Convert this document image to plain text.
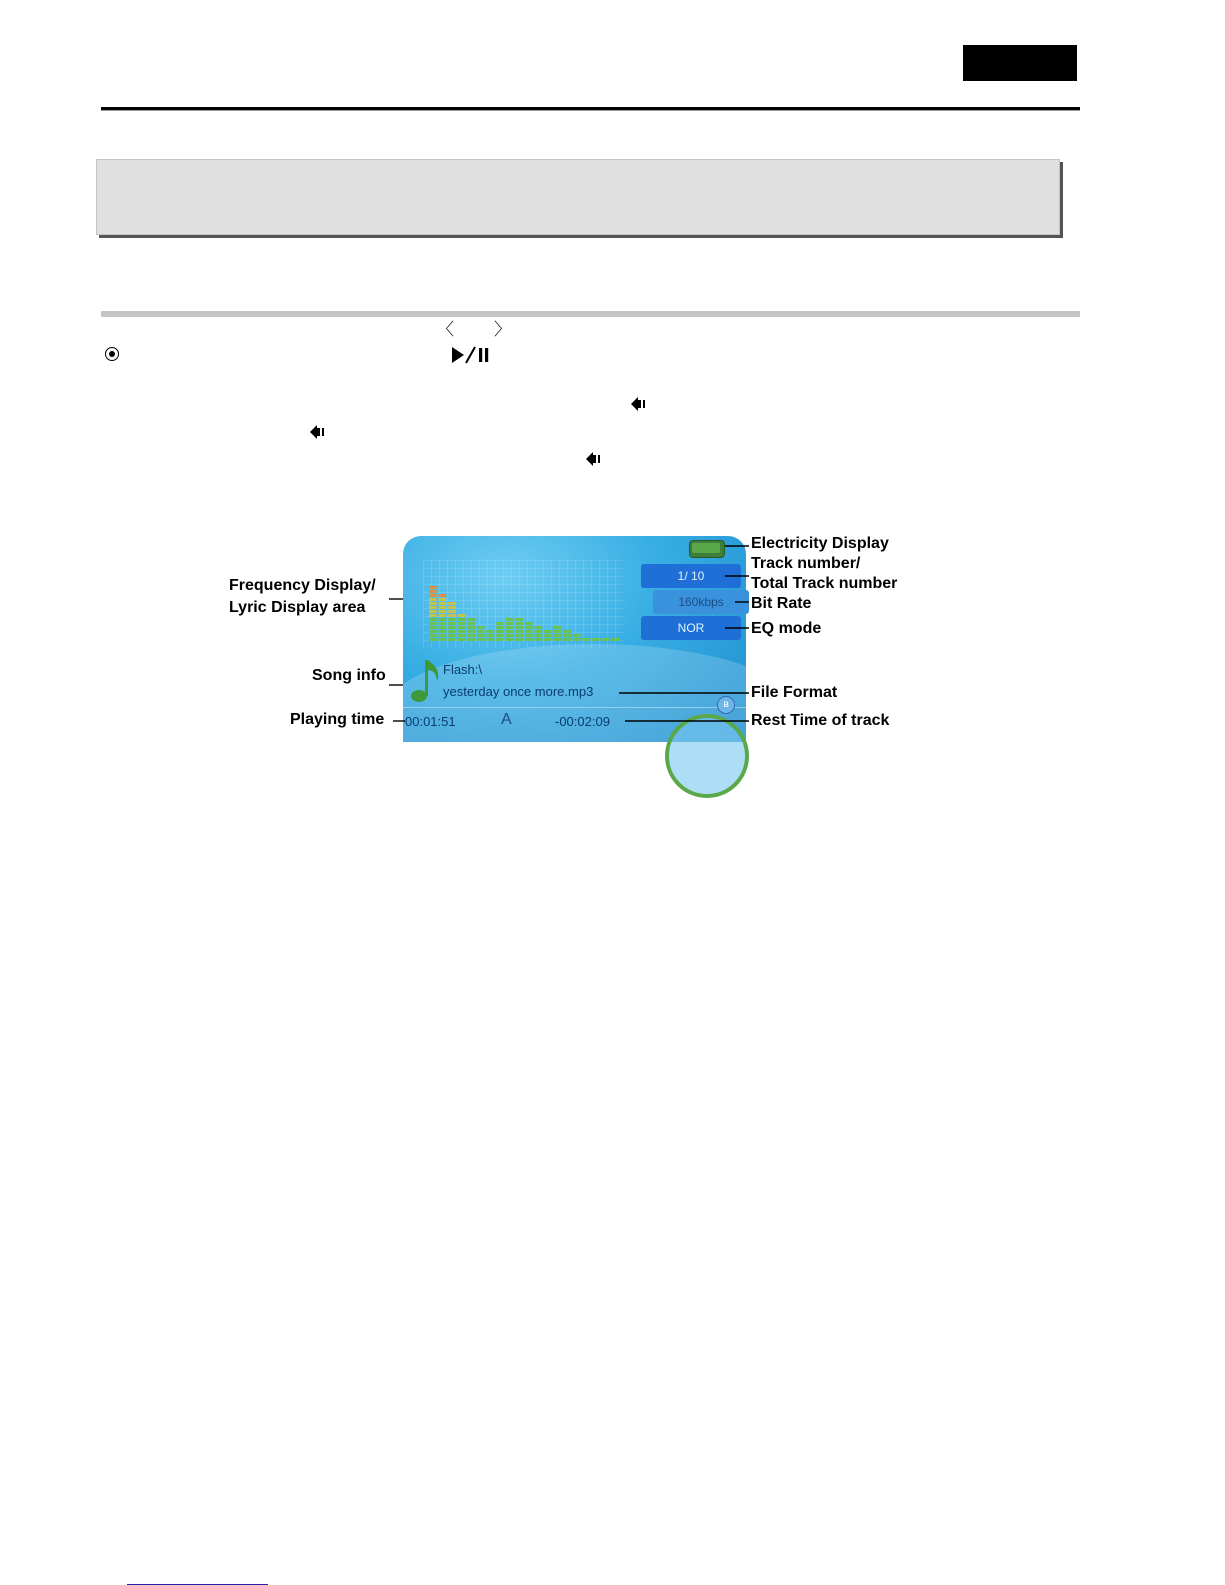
〈 〉
1/ 10
160kbps
NOR
Flash:\
yesterday once more.mp3
00:01:51	A	-00:02:09
ʙ
Frequency Display/
Lyric Display area
Song info
Playing time
Electricity Display
Track number/
Total Track number
Bit Rate
EQ mode
File Format
Rest Time of track
